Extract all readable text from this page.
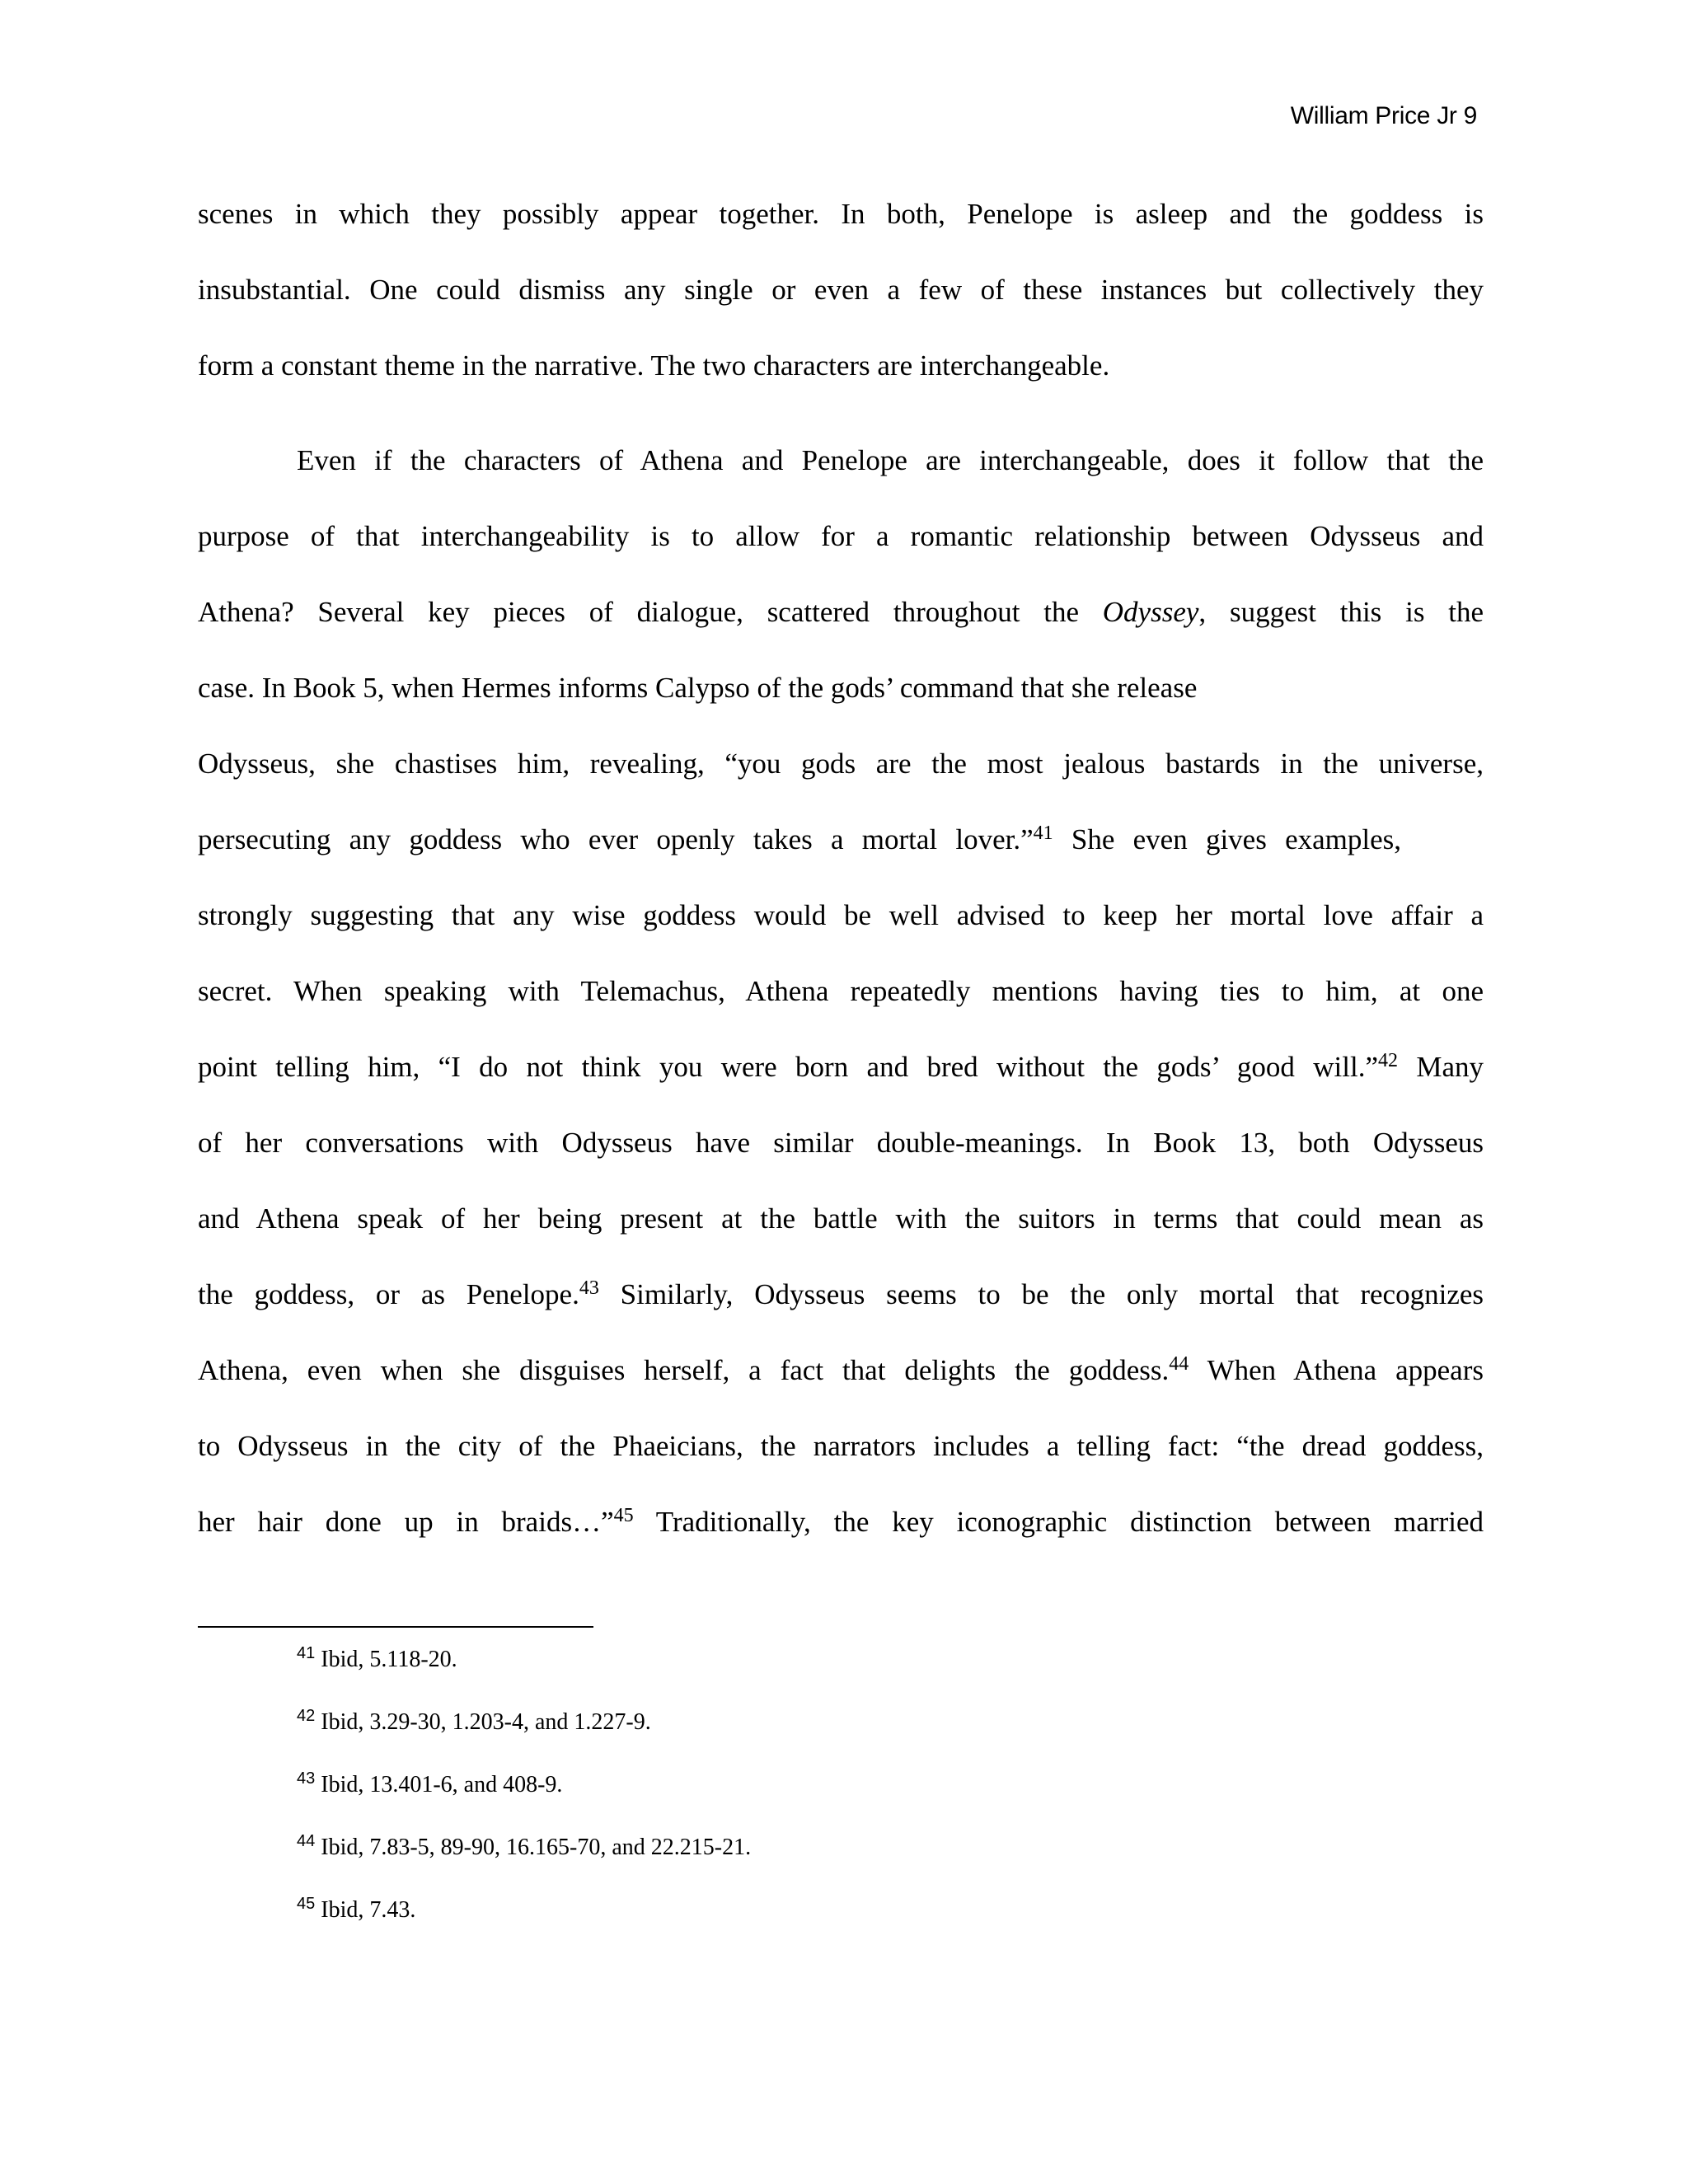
William Price Jr 9
scenes in which they possibly appear together. In both, Penelope is asleep and the goddess is
insubstantial. One could dismiss any single or even a few of these instances but collectively they
form a constant theme in the narrative. The two characters are interchangeable.
Even if the characters of Athena and Penelope are interchangeable, does it follow that the
purpose of that interchangeability is to allow for a romantic relationship between Odysseus and
Athena? Several key pieces of dialogue, scattered throughout the Odyssey, suggest this is the
case. In Book 5, when Hermes informs Calypso of the gods’ command that she release
Odysseus, she chastises him, revealing, “you gods are the most jealous bastards in the universe,
persecuting any goddess who ever openly takes a mortal lover.”$^{41}$ She even gives examples,
strongly suggesting that any wise goddess would be well advised to keep her mortal love affair a
secret. When speaking with Telemachus, Athena repeatedly mentions having ties to him, at one
point telling him, “I do not think you were born and bred without the gods’ good will.”$^{42}$ Many
of her conversations with Odysseus have similar double-meanings. In Book 13, both Odysseus
and Athena speak of her being present at the battle with the suitors in terms that could mean as
the goddess, or as Penelope.$^{43}$ Similarly, Odysseus seems to be the only mortal that recognizes
Athena, even when she disguises herself, a fact that delights the goddess.$^{44}$ When Athena appears
to Odysseus in the city of the Phaeicians, the narrators includes a telling fact: “the dread goddess,
her hair done up in braids…”$^{45}$ Traditionally, the key iconographic distinction between married
$^{41}$ Ibid, 5.118-20.
$^{42}$ Ibid, 3.29-30, 1.203-4, and 1.227-9.
$^{43}$ Ibid, 13.401-6, and 408-9.
$^{44}$ Ibid, 7.83-5, 89-90, 16.165-70, and 22.215-21.
$^{45}$ Ibid, 7.43.
